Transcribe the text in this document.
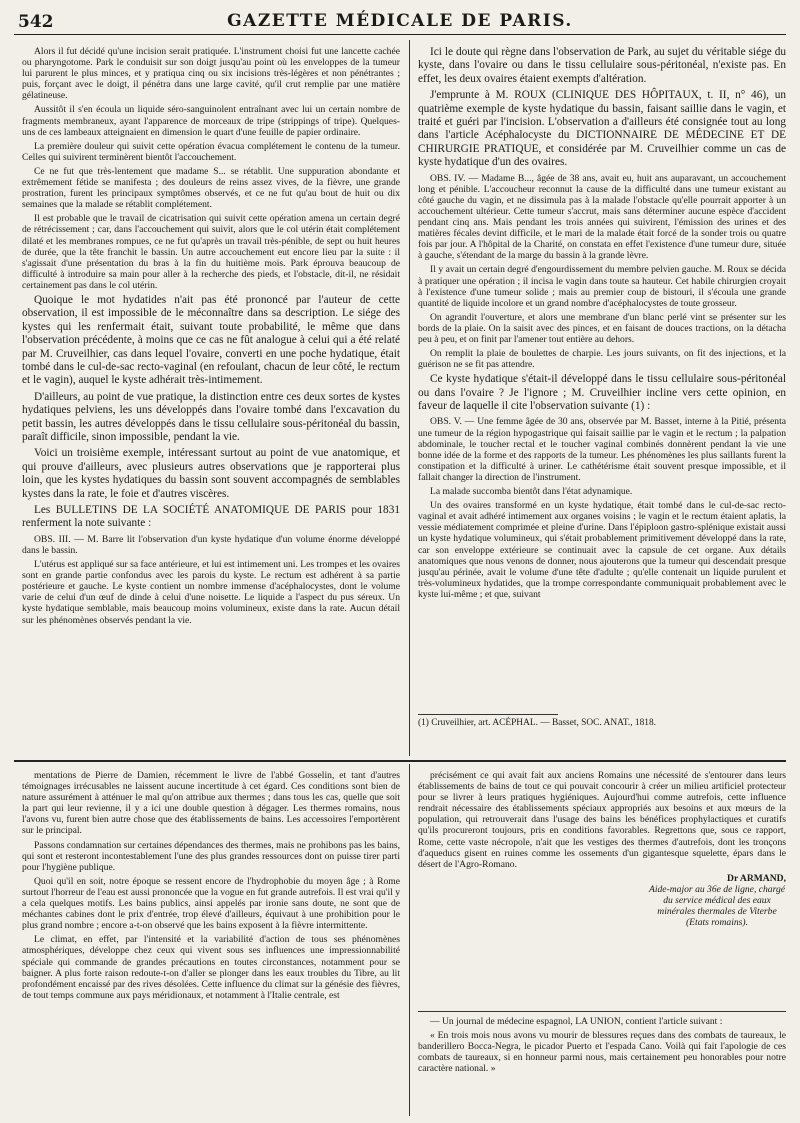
542	GAZETTE MÉDICALE DE PARIS.

Alors il fut décidé qu'une incision serait pratiquée. L'instrument choisi fut une lancette cachée ou pharyngotome. Park le conduisit sur son doigt jusqu'au point où les enveloppes de la tumeur lui parurent le plus minces, et y pratiqua cinq ou six incisions très-légères et non pénétrantes ; puis, forçant avec le doigt, il pénétra dans une large cavité, qu'il crut remplie par une matière gélatineuse.

Aussitôt il s'en écoula un liquide séro-sanguinolent entraînant avec lui un certain nombre de fragments membraneux, ayant l'apparence de morceaux de tripe (strippings of tripe). Quelques-uns de ces lambeaux atteignaient en dimension le quart d'une feuille de papier ordinaire.

La première douleur qui suivit cette opération évacua complétement le contenu de la tumeur. Celles qui suivirent terminèrent bientôt l'accouchement.

Ce ne fut que très-lentement que madame S... se rétablit. Une suppuration abondante et extrêmement fétide se manifesta ; des douleurs de reins assez vives, de la fièvre, une grande prostration, furent les principaux symptômes observés, et ce ne fut qu'au bout de huit ou dix semaines que la malade se rétablit complétement.

Il est probable que le travail de cicatrisation qui suivit cette opération amena un certain degré de rétrécissement ; car, dans l'accouchement qui suivit, alors que le col utérin était complétement dilaté et les membranes rompues, ce ne fut qu'après un travail très-pénible, de sept ou huit heures de durée, que la tête franchit le bassin. Un autre accouchement eut encore lieu par la suite : il s'agissait d'une présentation du bras à la fin du huitième mois. Park éprouva beaucoup de difficulté à introduire sa main pour aller à la recherche des pieds, et l'obstacle, dit-il, ne résidait certainement pas dans le col utérin.

Quoique le mot hydatides n'ait pas été prononcé par l'auteur de cette observation, il est impossible de le méconnaître dans sa description. Le siége des kystes qui les renfermait était, suivant toute probabilité, le même que dans l'observation précédente, à moins que ce cas ne fût analogue à celui qui a été relaté par M. Cruveilhier, cas dans lequel l'ovaire, converti en une poche hydatique, était tombé dans le cul-de-sac recto-vaginal (en refoulant, chacun de leur côté, le rectum et le vagin), auquel le kyste adhérait très-intimement.

D'ailleurs, au point de vue pratique, la distinction entre ces deux sortes de kystes hydatiques pelviens, les uns développés dans l'ovaire tombé dans l'excavation du petit bassin, les autres développés dans le tissu cellulaire sous-péritonéal du bassin, paraît difficile, sinon impossible, pendant la vie.

Voici un troisième exemple, intéressant surtout au point de vue anatomique, et qui prouve d'ailleurs, avec plusieurs autres observations que je rapporterai plus loin, que les kystes hydatiques du bassin sont souvent accompagnés de semblables kystes dans la rate, le foie et d'autres viscères.

Les BULLETINS DE LA SOCIÉTÉ ANATOMIQUE DE PARIS pour 1831 renferment la note suivante :

OBS. III. — M. Barre lit l'observation d'un kyste hydatique d'un volume énorme développé dans le bassin.

L'utérus est appliqué sur sa face antérieure, et lui est intimement uni. Les trompes et les ovaires sont en grande partie confondus avec les parois du kyste. Le rectum est adhérent à sa partie postérieure et gauche. Le kyste contient un nombre immense d'acéphalocystes, dont le volume varie de celui d'un œuf de dinde à celui d'une noisette. Le liquide a l'aspect du pus séreux. Un kyste hydatique semblable, mais beaucoup moins volumineux, existe dans la rate. Aucun détail sur les phénomènes observés pendant la vie.

Ici le doute qui règne dans l'observation de Park, au sujet du véritable siége du kyste, dans l'ovaire ou dans le tissu cellulaire sous-péritonéal, n'existe pas. En effet, les deux ovaires étaient exempts d'altération.

J'emprunte à M. ROUX (CLINIQUE DES HÔPITAUX, t. II, n° 46), un quatrième exemple de kyste hydatique du bassin, faisant saillie dans le vagin, et traité et guéri par l'incision. L'observation a d'ailleurs été consignée tout au long dans l'article Acéphalocyste du DICTIONNAIRE DE MÉDECINE ET DE CHIRURGIE PRATIQUE, et considérée par M. Cruveilhier comme un cas de kyste hydatique d'un des ovaires.

OBS. IV. — Madame B..., âgée de 38 ans, avait eu, huit ans auparavant, un accouchement long et pénible. L'accoucheur reconnut la cause de la difficulté dans une tumeur existant au côté gauche du vagin, et ne dissimula pas à la malade l'obstacle qu'elle pourrait apporter à un accouchement ultérieur. Cette tumeur s'accrut, mais sans déterminer aucune espèce d'accident pendant cinq ans. Mais pendant les trois années qui suivirent, l'émission des urines et des matières fécales devint difficile, et le mari de la malade était forcé de la sonder trois ou quatre fois par jour. A l'hôpital de la Charité, on constata en effet l'existence d'une tumeur dure, située à gauche, s'étendant de la marge du bassin à la grande lèvre.

Il y avait un certain degré d'engourdissement du membre pelvien gauche. M. Roux se décida à pratiquer une opération ; il incisa le vagin dans toute sa hauteur. Cet habile chirurgien croyait à l'existence d'une tumeur solide ; mais au premier coup de bistouri, il s'écoula une grande quantité de liquide incolore et un grand nombre d'acéphalocystes de toute grosseur.

On agrandit l'ouverture, et alors une membrane d'un blanc perlé vint se présenter sur les bords de la plaie. On la saisit avec des pinces, et en faisant de douces tractions, on la détacha peu à peu, et on finit par l'amener tout entière au dehors.

On remplit la plaie de boulettes de charpie. Les jours suivants, on fit des injections, et la guérison ne se fit pas attendre.

Ce kyste hydatique s'était-il développé dans le tissu cellulaire sous-péritonéal ou dans l'ovaire ? Je l'ignore ; M. Cruveilhier incline vers cette opinion, en faveur de laquelle il cite l'observation suivante (1) :

OBS. V. — Une femme âgée de 30 ans, observée par M. Basset, interne à la Pitié, présenta une tumeur de la région hypogastrique qui faisait saillie par le vagin et le rectum ; la palpation abdominale, le toucher rectal et le toucher vaginal combinés donnèrent pendant la vie une bonne idée de la forme et des rapports de la tumeur. Les phénomènes les plus saillants furent la constipation et la difficulté à uriner. Le cathétérisme était souvent presque impossible, et il fallait changer la direction de l'instrument.

La malade succomba bientôt dans l'état adynamique.

Un des ovaires transformé en un kyste hydatique, était tombé dans le cul-de-sac recto-vaginal et avait adhéré intimement aux organes voisins ; le vagin et le rectum étaient aplatis, la vessie médiatement comprimée et pleine d'urine. Dans l'épiploon gastro-splénique existait aussi un kyste hydatique volumineux, qui s'était probablement primitivement développé dans la rate, car son enveloppe extérieure se continuait avec la capsule de cet organe. Aux détails anatomiques que nous venons de donner, nous ajouterons que la tumeur qui descendait presque jusqu'au périnée, avait le volume d'une tête d'adulte ; qu'elle contenait un liquide purulent et très-volumineux hydatides, que la trompe correspondante communiquait probablement avec le kyste lui-même ; et que, suivant

(1) Cruveilhier, art. ACÉPHAL. — Basset, SOC. ANAT., 1818.

mentations de Pierre de Damien, récemment le livre de l'abbé Gosselin, et tant d'autres témoignages irrécusables ne laissent aucune incertitude à cet égard. Ces conditions sont bien de nature assurément à atténuer le mal qu'on attribue aux thermes ; dans tous les cas, quelle que soit la part qui leur revienne, il y a ici une double question à dégager. Les thermes romains, nous l'avons vu, furent bien autre chose que des établissements de bains. Les accessoires l'emportèrent sur le principal.

Passons condamnation sur certaines dépendances des thermes, mais ne prohibons pas les bains, qui sont et resteront incontestablement l'une des plus grandes ressources dont on puisse tirer parti pour l'hygiène publique.

Quoi qu'il en soit, notre époque se ressent encore de l'hydrophobie du moyen âge ; à Rome surtout l'horreur de l'eau est aussi prononcée que la vogue en fut grande autrefois. Il est vrai qu'il y a cela quelques motifs. Les bains publics, ainsi appelés par ironie sans doute, ne sont que de méchantes cabines dont le prix d'entrée, trop élevé d'ailleurs, équivaut à une prohibition pour le plus grand nombre ; encore a-t-on observé que les bains exposent à la fièvre intermittente.

Le climat, en effet, par l'intensité et la variabilité d'action de tous ses phénomènes atmosphériques, développe chez ceux qui vivent sous ses influences une impressionnabilité spéciale qui commande de grandes précautions en toutes circonstances, notamment pour se baigner. A plus forte raison redoute-t-on d'aller se plonger dans les eaux troubles du Tibre, au lit profondément encaissé par des rives désolées. Cette influence du climat sur la génésie des fièvres, de tout temps commune aux pays méridionaux, et notamment à l'Italie centrale, est

précisément ce qui avait fait aux anciens Romains une nécessité de s'entourer dans leurs établissements de bains de tout ce qui pouvait concourir à créer un milieu artificiel protecteur pour se livrer à leurs pratiques hygiéniques. Aujourd'hui comme autrefois, cette influence rendrait nécessaire des établissements spéciaux appropriés aux besoins et aux mœurs de la population, qui retrouverait dans l'usage des bains les bénéfices prophylactiques et curatifs qu'ils procureront toujours, pris en conditions favorables. Regrettons que, sous ce rapport, Rome, cette vaste nécropole, n'ait que les vestiges des thermes d'autrefois, dont les tronçons d'aqueducs gisent en ruines comme les ossements d'un gigantesque squelette, épars dans le désert de l'Agro-Romano.

Dr ARMAND,
Aide-major au 36e de ligne, chargé du service médical des eaux minérales thermales de Viterbe (Etats romains).

— Un journal de médecine espagnol, LA UNION, contient l'article suivant :

« En trois mois nous avons vu mourir de blessures reçues dans des combats de taureaux, le banderillero Bocca-Negra, le picador Puerto et l'espada Cano. Voilà qui fait l'apologie de ces combats de taureaux, si en honneur parmi nous, mais certainement peu honorables pour notre caractère national. »
